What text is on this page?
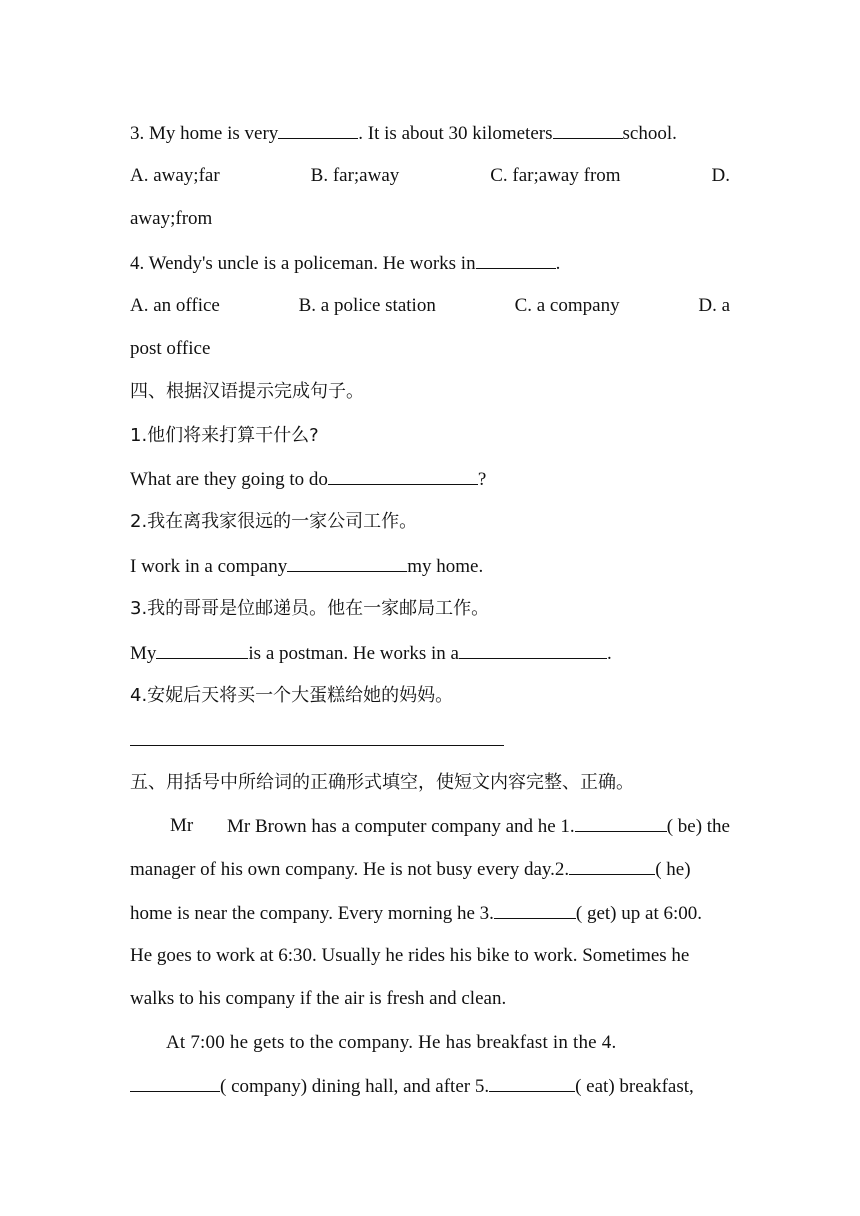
3. My home is very	. It is about 30 kilometers	school.
A. away;far	B. far;away	C. far;away from	D.
away;from
4. Wendy's uncle is a policeman. He works in	.
A. an office	B. a police station	C. a company	D. a
post office
四、根据汉语提示完成句子。
1.他们将来打算干什么?
What are they going to do	?
2.我在离我家很远的一家公司工作。
I work in a company	my home.
3.我的哥哥是位邮递员。他在一家邮局工作。
My	is a postman. He works in a	.
4.安妮后天将买一个大蛋糕给她的妈妈。
五、用括号中所给词的正确形式填空，使短文内容完整、正确。
Mr Mr Brown has a computer company and he 1.	( be) the
manager of his own company. He is not busy every day.2.	( he)
home is near the company. Every morning he 3.	( get) up at 6:00.
He goes to work at 6:30. Usually he rides his bike to work. Sometimes he
walks to his company if the air is fresh and clean.
At 7:00 he gets to the company. He has breakfast in the 4.
( company) dining hall, and after 5.	( eat) breakfast,
